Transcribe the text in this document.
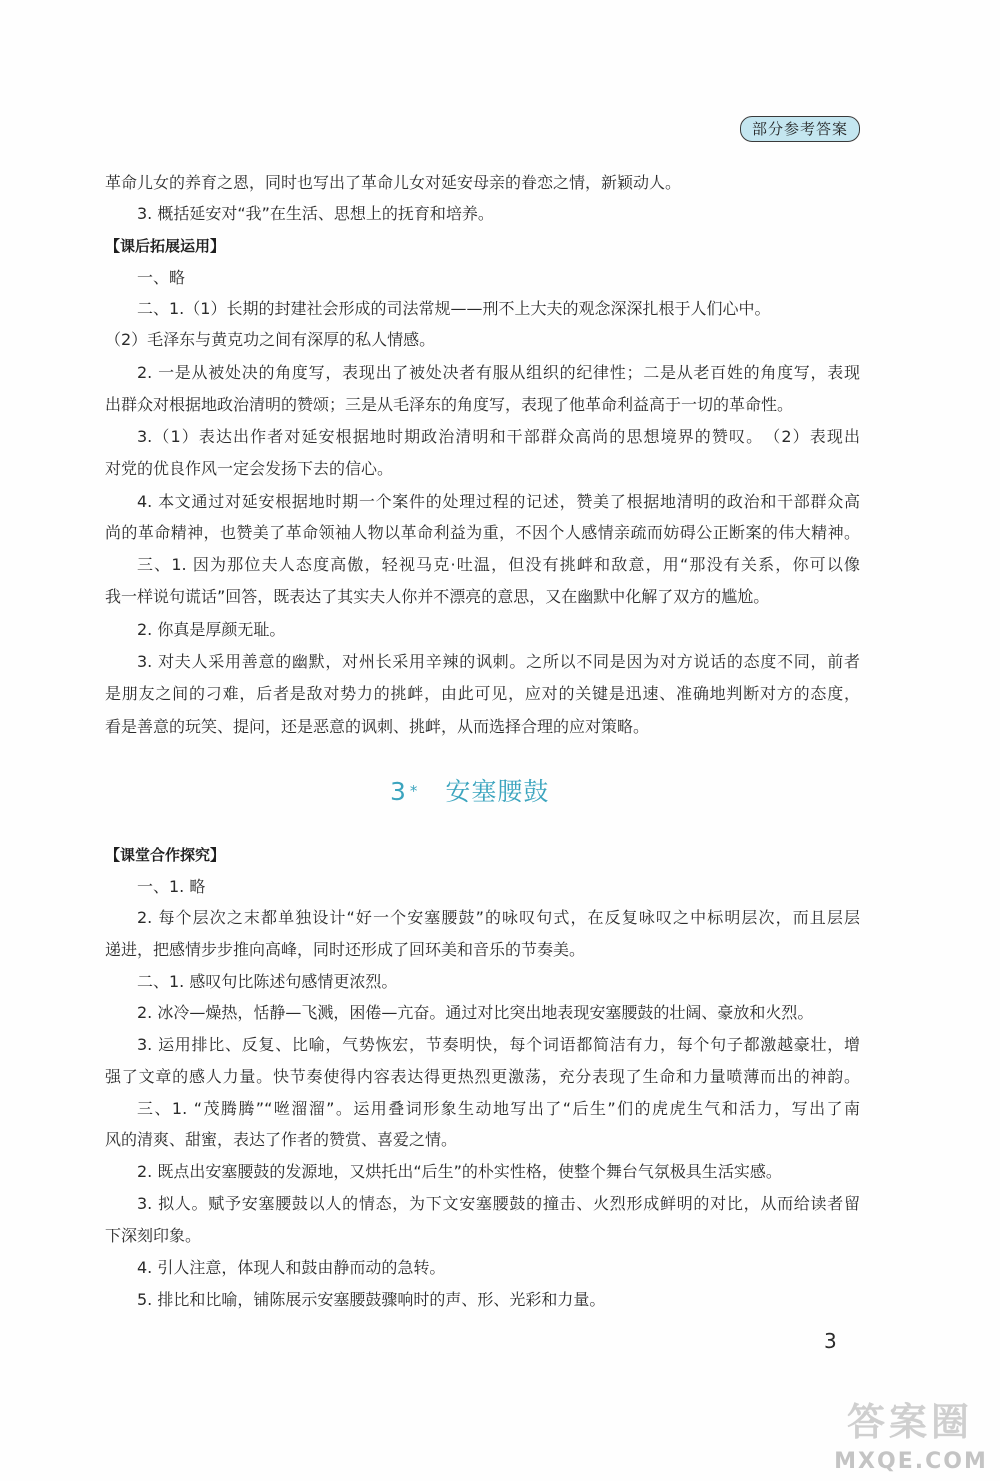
部分参考答案
革命儿女的养育之恩，同时也写出了革命儿女对延安母亲的眷恋之情，新颖动人。
3. 概括延安对“我”在生活、思想上的抚育和培养。
【课后拓展运用】
一、略
二、1.（1）长期的封建社会形成的司法常规——刑不上大夫的观念深深扎根于人们心中。
（2）毛泽东与黄克功之间有深厚的私人情感。
2. 一是从被处决的角度写，表现出了被处决者有服从组织的纪律性；二是从老百姓的角度写，表现
出群众对根据地政治清明的赞颂；三是从毛泽东的角度写，表现了他革命利益高于一切的革命性。
3.（1）表达出作者对延安根据地时期政治清明和干部群众高尚的思想境界的赞叹。　（2）表现出
对党的优良作风一定会发扬下去的信心。
4. 本文通过对延安根据地时期一个案件的处理过程的记述，赞美了根据地清明的政治和干部群众高
尚的革命精神，也赞美了革命领袖人物以革命利益为重，不因个人感情亲疏而妨碍公正断案的伟大精神。
三、1. 因为那位夫人态度高傲，轻视马克·吐温，但没有挑衅和敌意，用“那没有关系，你可以像
我一样说句谎话”回答，既表达了其实夫人你并不漂亮的意思，又在幽默中化解了双方的尴尬。
2. 你真是厚颜无耻。
3. 对夫人采用善意的幽默，对州长采用辛辣的讽刺。之所以不同是因为对方说话的态度不同，前者
是朋友之间的刁难，后者是敌对势力的挑衅，由此可见，应对的关键是迅速、准确地判断对方的态度，
看是善意的玩笑、提问，还是恶意的讽刺、挑衅，从而选择合理的应对策略。
3 * 安塞腰鼓
【课堂合作探究】
一、1. 略
2. 每个层次之末都单独设计“好一个安塞腰鼓”的咏叹句式，在反复咏叹之中标明层次，而且层层
递进，把感情步步推向高峰，同时还形成了回环美和音乐的节奏美。
二、1. 感叹句比陈述句感情更浓烈。
2. 冰冷—燥热，恬静—飞溅，困倦—亢奋。通过对比突出地表现安塞腰鼓的壮阔、豪放和火烈。
3. 运用排比、反复、比喻，气势恢宏，节奏明快，每个词语都简洁有力，每个句子都激越豪壮，增
强了文章的感人力量。快节奏使得内容表达得更热烈更激荡，充分表现了生命和力量喷薄而出的神韵。
三、1. “茂腾腾”“咝溜溜”。运用叠词形象生动地写出了“后生”们的虎虎生气和活力，写出了南
风的清爽、甜蜜，表达了作者的赞赏、喜爱之情。
2. 既点出安塞腰鼓的发源地，又烘托出“后生”的朴实性格，使整个舞台气氛极具生活实感。
3. 拟人。赋予安塞腰鼓以人的情态，为下文安塞腰鼓的撞击、火烈形成鲜明的对比，从而给读者留
下深刻印象。
4. 引人注意，体现人和鼓由静而动的急转。
5. 排比和比喻，铺陈展示安塞腰鼓骤响时的声、形、光彩和力量。
3
答案圈
MXQE.COM
